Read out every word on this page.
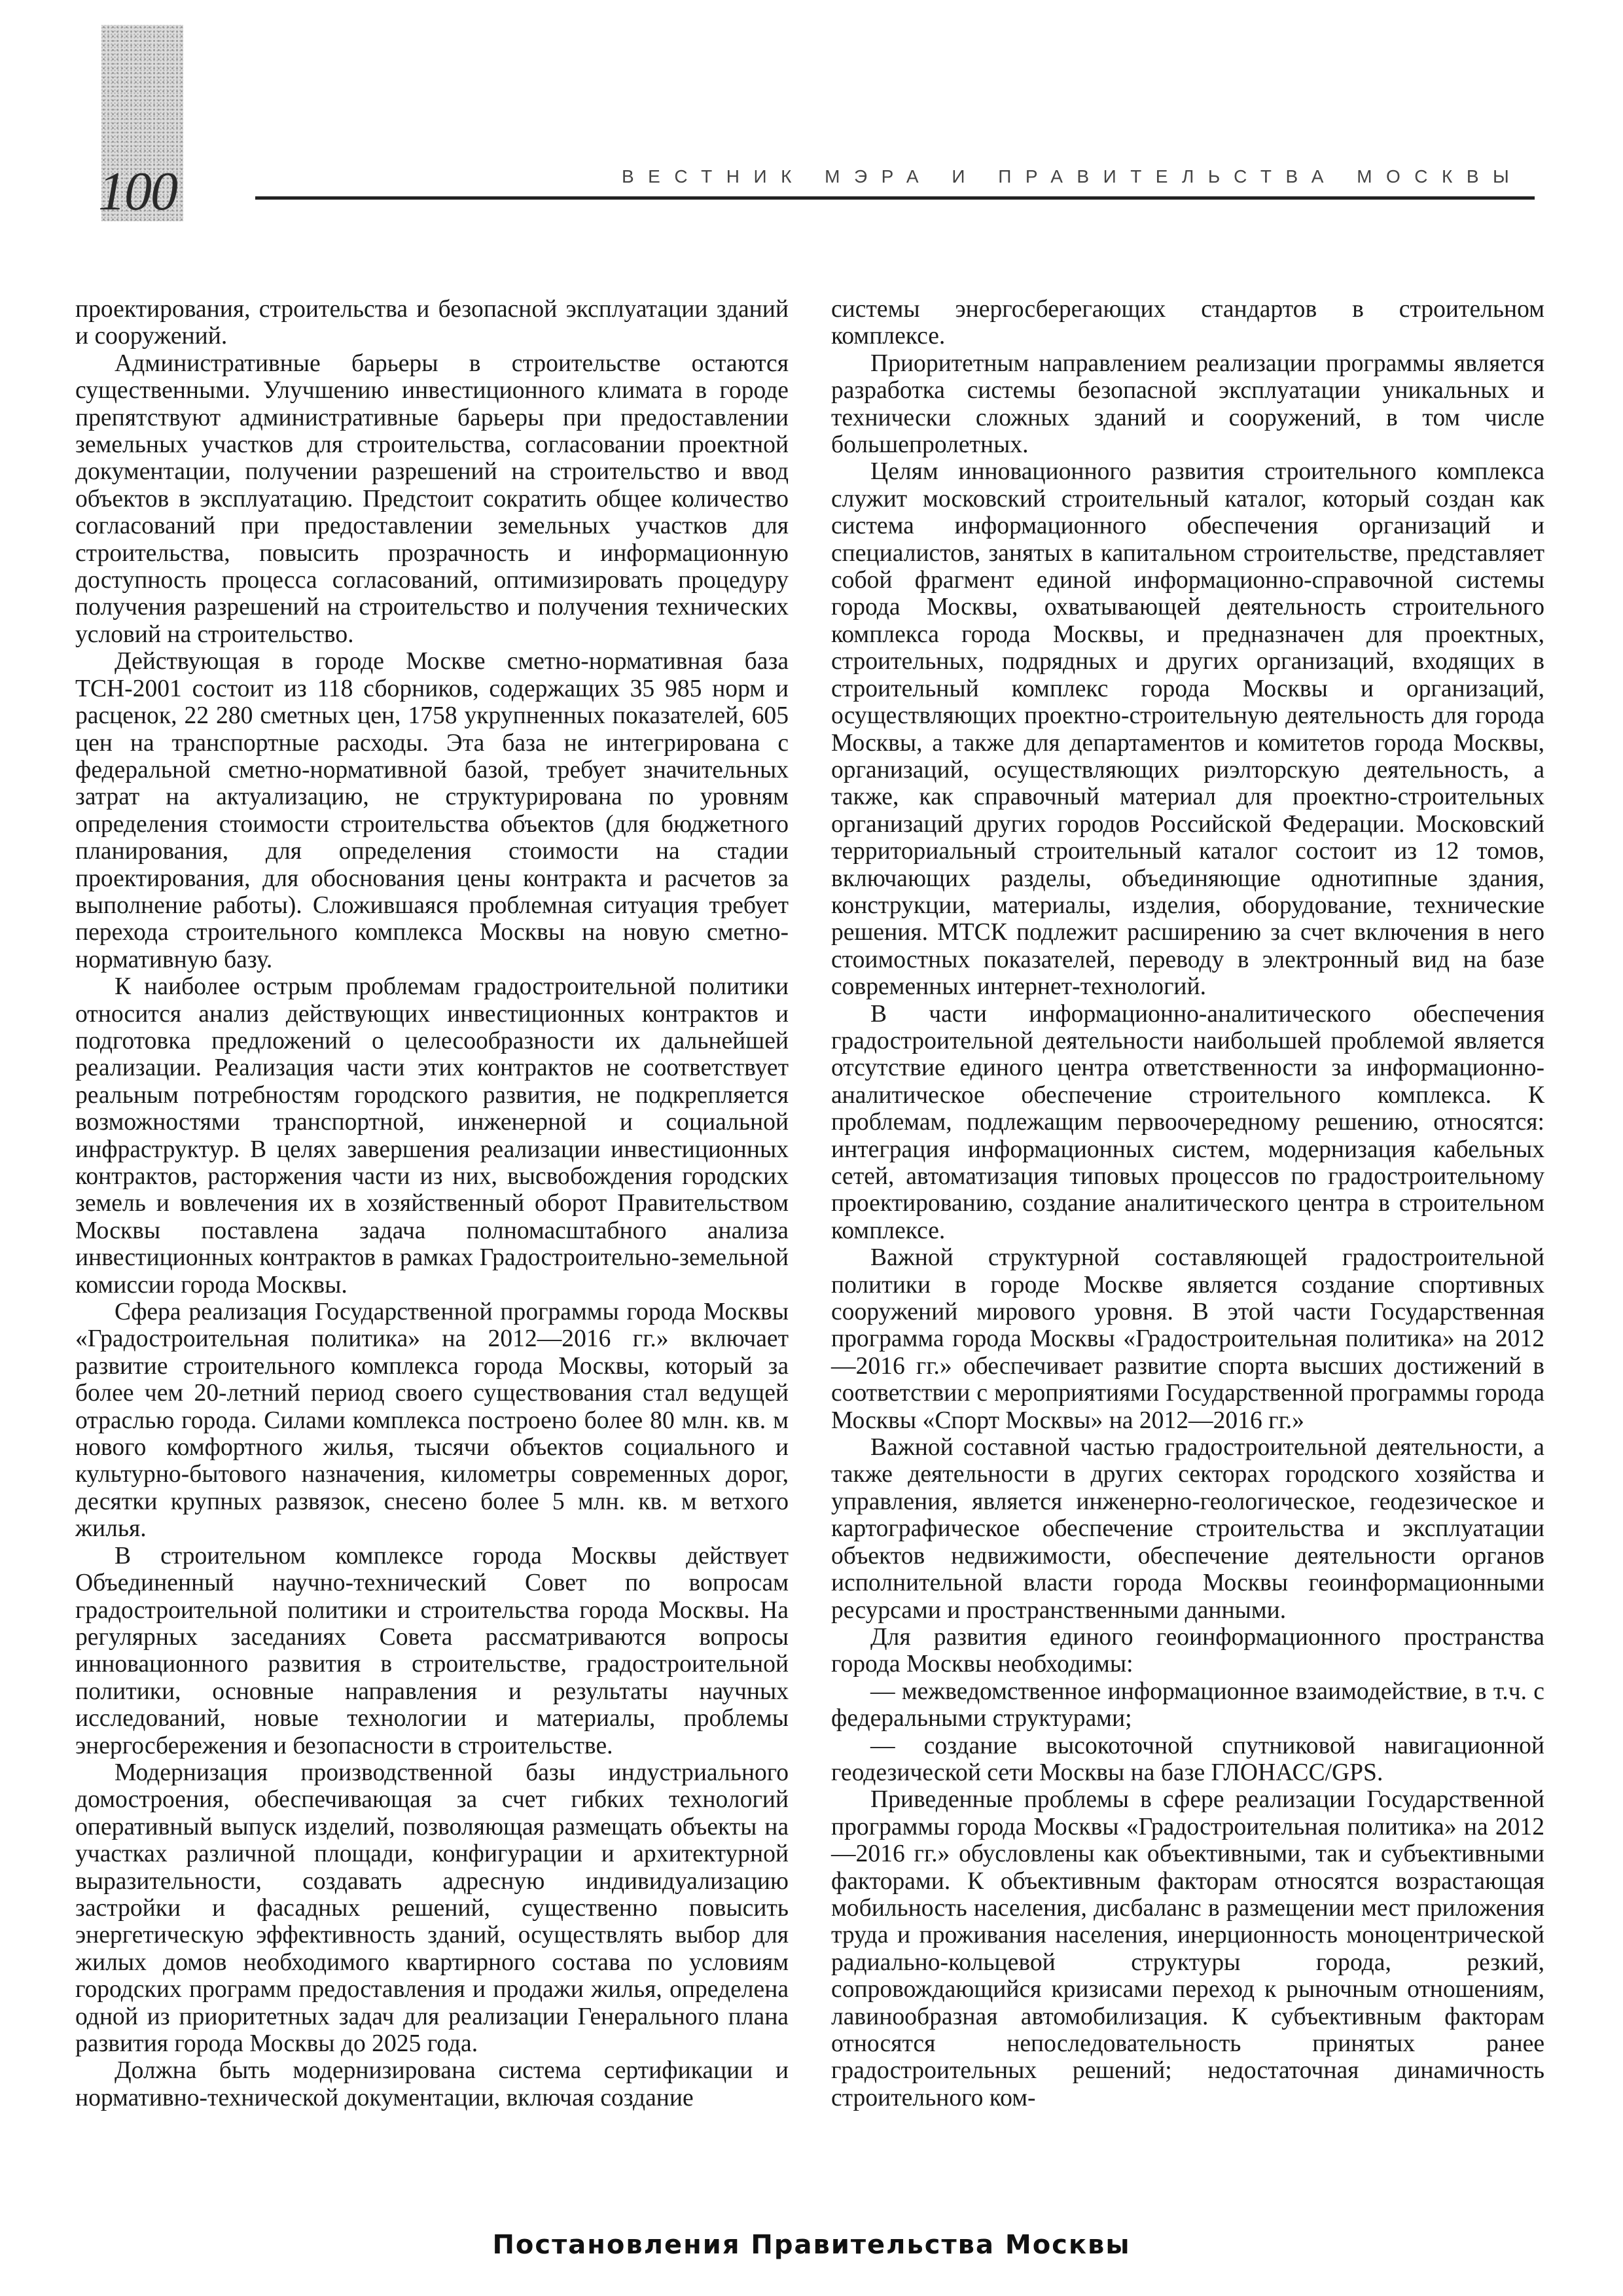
100	ВЕСТНИК МЭРА И ПРАВИТЕЛЬСТВА МОСКВЫ

проектирования, строительства и безопасной эксплуатации зданий и сооружений.

Административные барьеры в строительстве остаются существенными. Улучшению инвестиционного климата в городе препятствуют административные барьеры при предоставлении земельных участков для строительства, согласовании проектной документации, получении разрешений на строительство и ввод объектов в эксплуатацию. Предстоит сократить общее количество согласований при предоставлении земельных участков для строительства, повысить прозрачность и информационную доступность процесса согласований, оптимизировать процедуру получения разрешений на строительство и получения технических условий на строительство.

Действующая в городе Москве сметно-нормативная база ТСН-2001 состоит из 118 сборников, содержащих 35 985 норм и расценок, 22 280 сметных цен, 1758 укрупненных показателей, 605 цен на транспортные расходы. Эта база не интегрирована с федеральной сметно-нормативной базой, требует значительных затрат на актуализацию, не структурирована по уровням определения стоимости строительства объектов (для бюджетного планирования, для определения стоимости на стадии проектирования, для обоснования цены контракта и расчетов за выполнение работы). Сложившаяся проблемная ситуация требует перехода строительного комплекса Москвы на новую сметно-нормативную базу.

К наиболее острым проблемам градостроительной политики относится анализ действующих инвестиционных контрактов и подготовка предложений о целесообразности их дальнейшей реализации. Реализация части этих контрактов не соответствует реальным потребностям городского развития, не подкрепляется возможностями транспортной, инженерной и социальной инфраструктур. В целях завершения реализации инвестиционных контрактов, расторжения части из них, высвобождения городских земель и вовлечения их в хозяйственный оборот Правительством Москвы поставлена задача полномасштабного анализа инвестиционных контрактов в рамках Градостроительно-земельной комиссии города Москвы.

Сфера реализация Государственной программы города Москвы «Градостроительная политика» на 2012—2016 гг.» включает развитие строительного комплекса города Москвы, который за более чем 20-летний период своего существования стал ведущей отраслью города. Силами комплекса построено более 80 млн. кв. м нового комфортного жилья, тысячи объектов социального и культурно-бытового назначения, километры современных дорог, десятки крупных развязок, снесено более 5 млн. кв. м ветхого жилья.

В строительном комплексе города Москвы действует Объединенный научно-технический Совет по вопросам градостроительной политики и строительства города Москвы. На регулярных заседаниях Совета рассматриваются вопросы инновационного развития в строительстве, градостроительной политики, основные направления и результаты научных исследований, новые технологии и материалы, проблемы энергосбережения и безопасности в строительстве.

Модернизация производственной базы индустриального домостроения, обеспечивающая за счет гибких технологий оперативный выпуск изделий, позволяющая размещать объекты на участках различной площади, конфигурации и архитектурной выразительности, создавать адресную индивидуализацию застройки и фасадных решений, существенно повысить энергетическую эффективность зданий, осуществлять выбор для жилых домов необходимого квартирного состава по условиям городских программ предоставления и продажи жилья, определена одной из приоритетных задач для реализации Генерального плана развития города Москвы до 2025 года.

Должна быть модернизирована система сертификации и нормативно-технической документации, включая создание

системы энергосберегающих стандартов в строительном комплексе.

Приоритетным направлением реализации программы является разработка системы безопасной эксплуатации уникальных и технически сложных зданий и сооружений, в том числе большепролетных.

Целям инновационного развития строительного комплекса служит московский строительный каталог, который создан как система информационного обеспечения организаций и специалистов, занятых в капитальном строительстве, представляет собой фрагмент единой информационно-справочной системы города Москвы, охватывающей деятельность строительного комплекса города Москвы, и предназначен для проектных, строительных, подрядных и других организаций, входящих в строительный комплекс города Москвы и организаций, осуществляющих проектно-строительную деятельность для города Москвы, а также для департаментов и комитетов города Москвы, организаций, осуществляющих риэлторскую деятельность, а также, как справочный материал для проектно-строительных организаций других городов Российской Федерации. Московский территориальный строительный каталог состоит из 12 томов, включающих разделы, объединяющие однотипные здания, конструкции, материалы, изделия, оборудование, технические решения. МТСК подлежит расширению за счет включения в него стоимостных показателей, переводу в электронный вид на базе современных интернет-технологий.

В части информационно-аналитического обеспечения градостроительной деятельности наибольшей проблемой является отсутствие единого центра ответственности за информационно-аналитическое обеспечение строительного комплекса. К проблемам, подлежащим первоочередному решению, относятся: интеграция информационных систем, модернизация кабельных сетей, автоматизация типовых процессов по градостроительному проектированию, создание аналитического центра в строительном комплексе.

Важной структурной составляющей градостроительной политики в городе Москве является создание спортивных сооружений мирового уровня. В этой части Государственная программа города Москвы «Градостроительная политика» на 2012—2016 гг.» обеспечивает развитие спорта высших достижений в соответствии с мероприятиями Государственной программы города Москвы «Спорт Москвы» на 2012—2016 гг.»

Важной составной частью градостроительной деятельности, а также деятельности в других секторах городского хозяйства и управления, является инженерно-геологическое, геодезическое и картографическое обеспечение строительства и эксплуатации объектов недвижимости, обеспечение деятельности органов исполнительной власти города Москвы геоинформационными ресурсами и пространственными данными.

Для развития единого геоинформационного пространства города Москвы необходимы:

— межведомственное информационное взаимодействие, в т.ч. с федеральными структурами;

— создание высокоточной спутниковой навигационной геодезической сети Москвы на базе ГЛОНАСС/GPS.

Приведенные проблемы в сфере реализации Государственной программы города Москвы «Градостроительная политика» на 2012—2016 гг.» обусловлены как объективными, так и субъективными факторами. К объективным факторам относятся возрастающая мобильность населения, дисбаланс в размещении мест приложения труда и проживания населения, инерционность моноцентрической радиально-кольцевой структуры города, резкий, сопровождающийся кризисами переход к рыночным отношениям, лавинообразная автомобилизация. К субъективным факторам относятся непоследовательность принятых ранее градостроительных решений; недостаточная динамичность строительного ком-

Постановления Правительства Москвы
